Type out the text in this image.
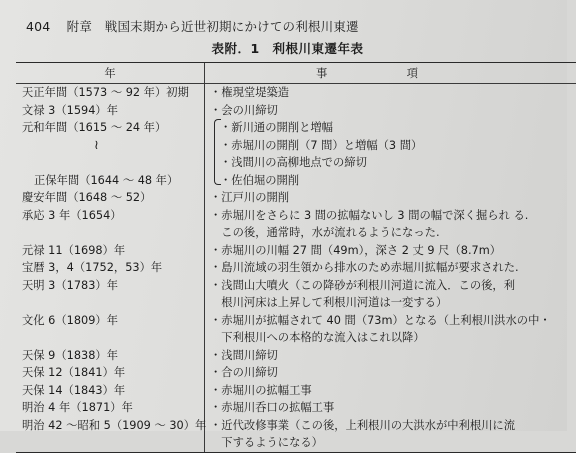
404 附章　戦国末期から近世初期にかけての利根川東遷
表附．1 利根川東遷年表
年	事　項
天正年間（1573 ～ 92 年）初期 ・権現堂堤築造
文禄 3（1594）年	・会の川締切
元和年間（1615 ～ 24 年）	・新川通の開削と増幅
≀	・赤堀川の開削（7 間）と増幅（3 間）
・浅間川の高柳地点での締切
正保年間（1644 ～ 48 年）	・佐伯堀の開削
慶安年間（1648 ～ 52）	・江戸川の開削
承応 3 年（1654）	・赤堀川をさらに 3 間の拡幅ないし 3 間の幅で深く掘られ る.
　この後，通常時，水が流れるようになった.
元禄 11（1698）年	・赤堀川の川幅 27 間（49m），深さ 2 丈 9 尺（8.7m）
宝暦 3，4（1752，53）年	・島川流域の羽生領から排水のため赤堀川拡幅が要求された.
天明 3（1783）年	・浅間山大噴火（この降砂が利根川河道に流入．この後，利
　根川河床は上昇して利根川河道は一変する）
文化 6（1809）年	・赤堀川が拡幅されて 40 間（73m）となる（上利根川洪水の中・
　下利根川への本格的な流入はこれ以降）
天保 9（1838）年	・浅間川締切
天保 12（1841）年	・合の川締切
天保 14（1843）年	・赤堀川の拡幅工事
明治 4 年（1871）年	・赤堀川呑口の拡幅工事
明治 42 ～昭和 5（1909 ～ 30）年 ・近代改修事業（この後，上利根川の大洪水が中利根川に流
　下するようになる）
